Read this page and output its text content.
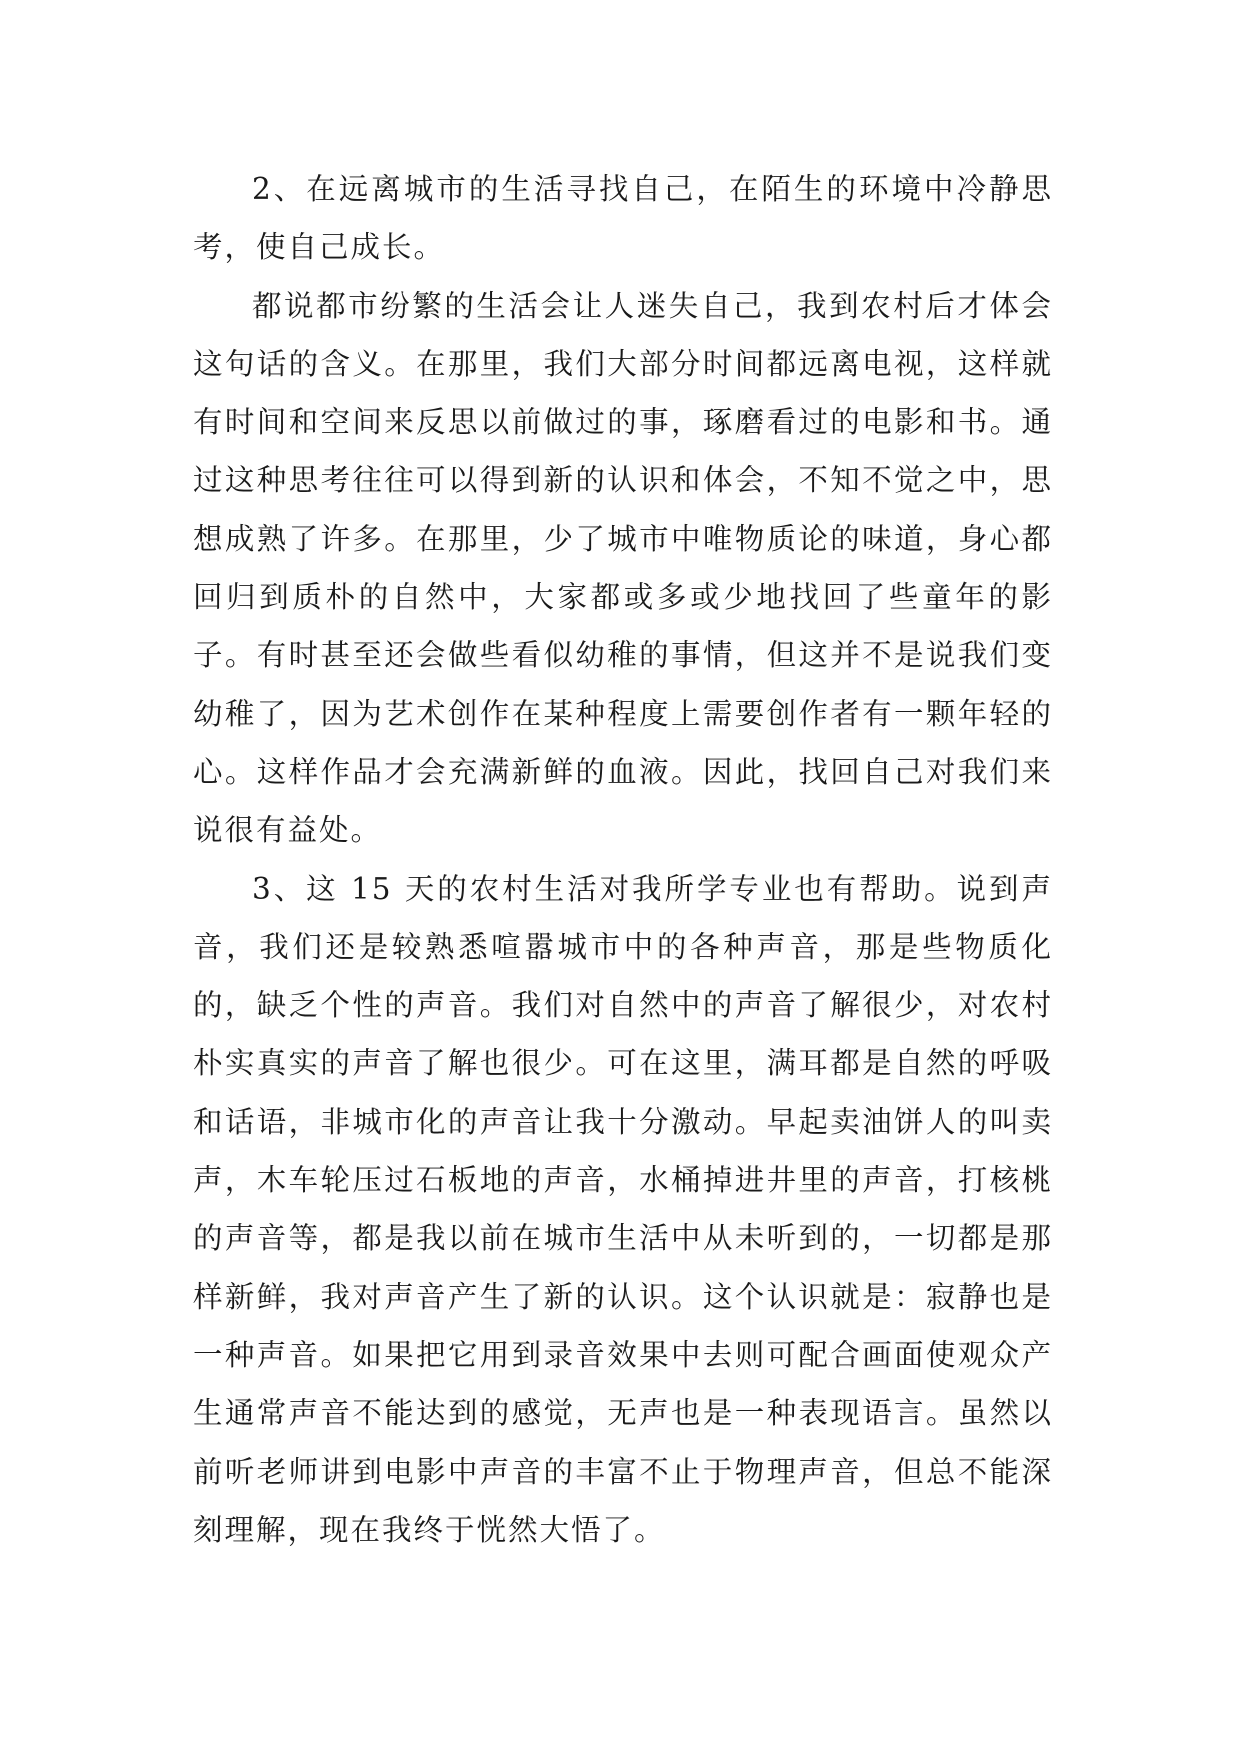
2、在远离城市的生活寻找自己，在陌生的环境中冷静思考，使自己成长。

都说都市纷繁的生活会让人迷失自己，我到农村后才体会这句话的含义。在那里，我们大部分时间都远离电视，这样就有时间和空间来反思以前做过的事，琢磨看过的电影和书。通过这种思考往往可以得到新的认识和体会，不知不觉之中，思想成熟了许多。在那里，少了城市中唯物质论的味道，身心都回归到质朴的自然中，大家都或多或少地找回了些童年的影子。有时甚至还会做些看似幼稚的事情，但这并不是说我们变幼稚了，因为艺术创作在某种程度上需要创作者有一颗年轻的心。这样作品才会充满新鲜的血液。因此，找回自己对我们来说很有益处。

3、这 15 天的农村生活对我所学专业也有帮助。说到声音，我们还是较熟悉喧嚣城市中的各种声音，那是些物质化的，缺乏个性的声音。我们对自然中的声音了解很少，对农村朴实真实的声音了解也很少。可在这里，满耳都是自然的呼吸和话语，非城市化的声音让我十分激动。早起卖油饼人的叫卖声，木车轮压过石板地的声音，水桶掉进井里的声音，打核桃的声音等，都是我以前在城市生活中从未听到的，一切都是那样新鲜，我对声音产生了新的认识。这个认识就是：寂静也是一种声音。如果把它用到录音效果中去则可配合画面使观众产生通常声音不能达到的感觉，无声也是一种表现语言。虽然以前听老师讲到电影中声音的丰富不止于物理声音，但总不能深刻理解，现在我终于恍然大悟了。
